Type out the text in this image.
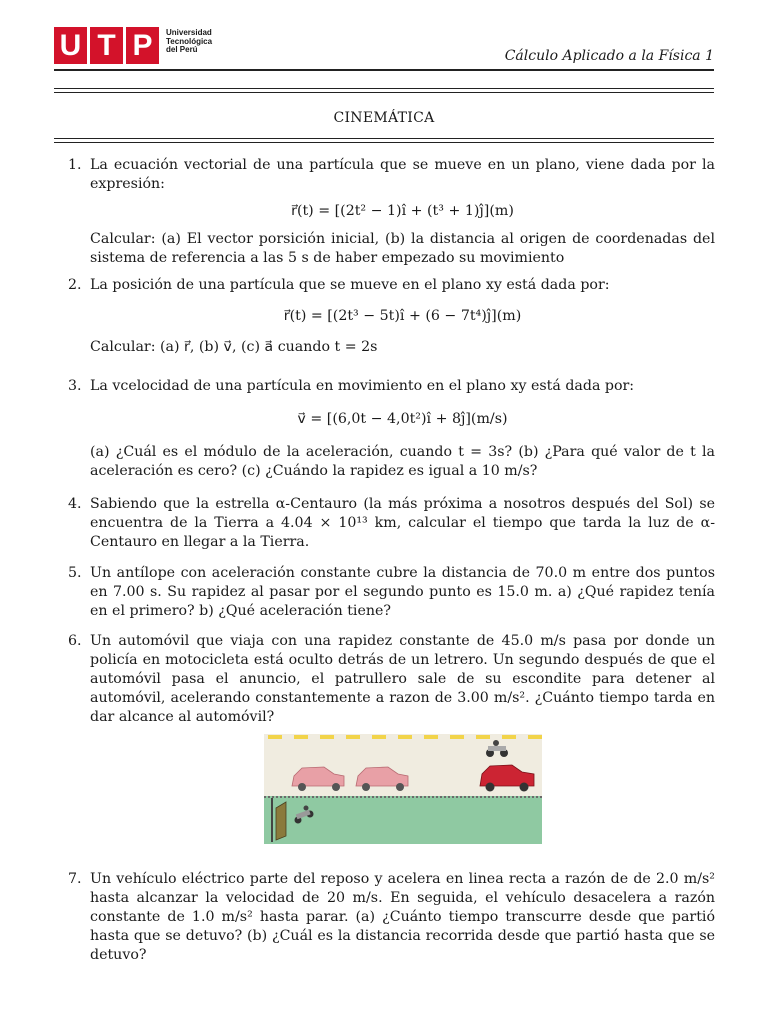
U T P	Universidad
Tecnológica
del Perú	Cálculo Aplicado a la Física 1
CINEMÁTICA
1. La ecuación vectorial de una partícula que se mueve en un plano, viene dada por la expresión:
r⃗(t) = [(2t² − 1)î + (t³ + 1)ĵ](m)
Calcular: (a) El vector porsición inicial, (b) la distancia al origen de coordenadas del sistema de referencia a las 5 s de haber empezado su movimiento
2. La posición de una partícula que se mueve en el plano xy está dada por:
r⃗(t) = [(2t³ − 5t)î + (6 − 7t⁴)ĵ](m)
Calcular: (a) r⃗, (b) v⃗, (c) a⃗ cuando t = 2s
3. La vcelocidad de una partícula en movimiento en el plano xy está dada por:
v⃗ = [(6,0t − 4,0t²)î + 8ĵ](m/s)
(a) ¿Cuál es el módulo de la aceleración, cuando t = 3s? (b) ¿Para qué valor de t la aceleración es cero? (c) ¿Cuándo la rapidez es igual a 10 m/s?
4. Sabiendo que la estrella α-Centauro (la más próxima a nosotros después del Sol) se encuentra de la Tierra a 4.04 × 10¹³ km, calcular el tiempo que tarda la luz de α-Centauro en llegar a la Tierra.
5. Un antílope con aceleración constante cubre la distancia de 70.0 m entre dos puntos en 7.00 s. Su rapidez al pasar por el segundo punto es 15.0 m. a) ¿Qué rapidez tenía en el primero? b) ¿Qué aceleración tiene?
6. Un automóvil que viaja con una rapidez constante de 45.0 m/s pasa por donde un policía en motocicleta está oculto detrás de un letrero. Un segundo después de que el automóvil pasa el anuncio, el patrullero sale de su escondite para detener al automóvil, acelerando constantemente a razon de 3.00 m/s². ¿Cuánto tiempo tarda en dar alcance al automóvil?
7. Un vehículo eléctrico parte del reposo y acelera en linea recta a razón de de 2.0 m/s² hasta alcanzar la velocidad de 20 m/s. En seguida, el vehículo desacelera a razón constante de 1.0 m/s² hasta parar. (a) ¿Cuánto tiempo transcurre desde que partió hasta que se detuvo? (b) ¿Cuál es la distancia recorrida desde que partió hasta que se detuvo?
